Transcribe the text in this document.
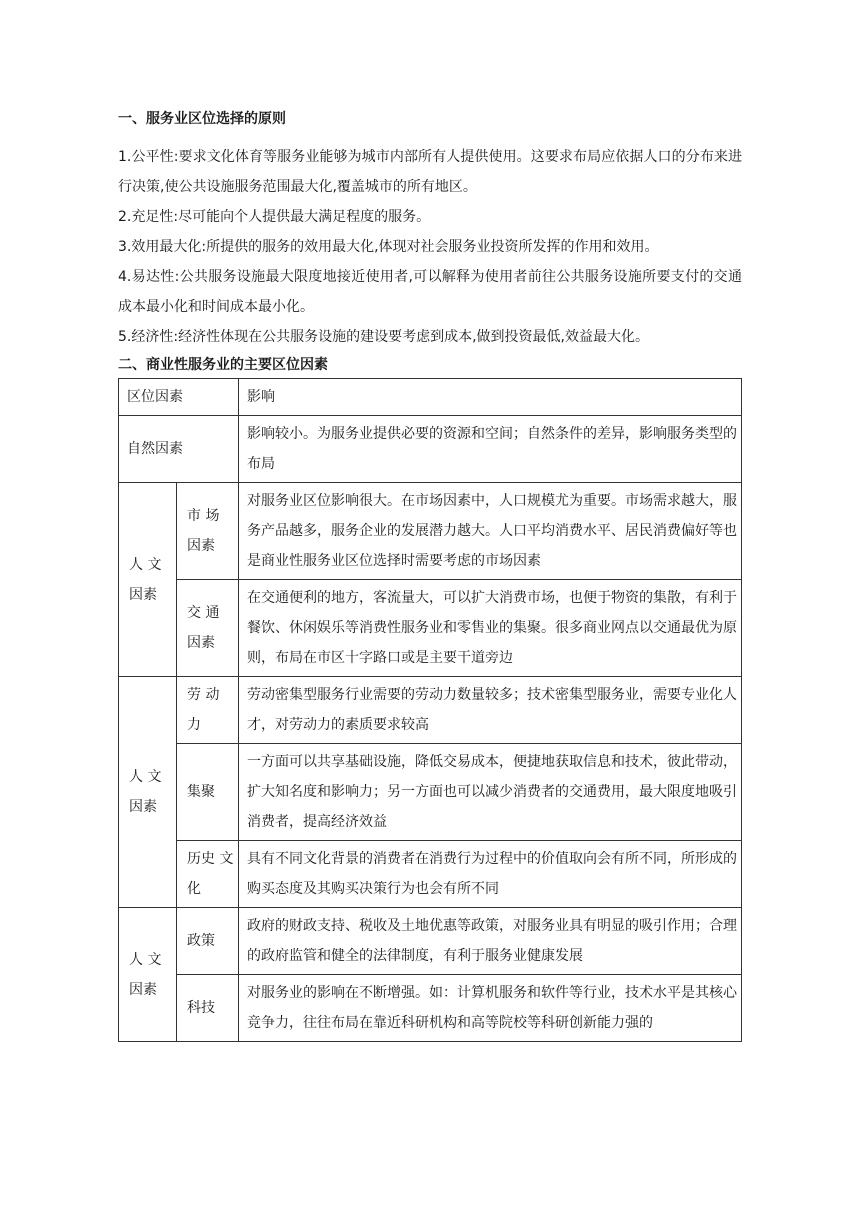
一、服务业区位选择的原则

1.公平性:要求文化体育等服务业能够为城市内部所有人提供使用。这要求布局应依据人口的分布来进行决策,使公共设施服务范围最大化,覆盖城市的所有地区。

2.充足性:尽可能向个人提供最大满足程度的服务。

3.效用最大化:所提供的服务的效用最大化,体现对社会服务业投资所发挥的作用和效用。

4.易达性:公共服务设施最大限度地接近使用者,可以解释为使用者前往公共服务设施所要支付的交通成本最小化和时间成本最小化。

5.经济性:经济性体现在公共服务设施的建设要考虑到成本,做到投资最低,效益最大化。

二、商业性服务业的主要区位因素
区位因素		影响
自然因素		影响较小。为服务业提供必要的资源和空间；自然条件的差异，影响服务类型的布局
人 文 因素	市 场 因素	对服务业区位影响很大。在市场因素中，人口规模尤为重要。市场需求越大，服务产品越多，服务企业的发展潜力越大。人口平均消费水平、居民消费偏好等也是商业性服务业区位选择时需要考虑的市场因素
	交 通 因素	在交通便利的地方，客流量大，可以扩大消费市场，也便于物资的集散，有利于餐饮、休闲娱乐等消费性服务业和零售业的集聚。很多商业网点以交通最优为原则，布局在市区十字路口或是主要干道旁边
人 文 因素	劳 动 力	劳动密集型服务行业需要的劳动力数量较多；技术密集型服务业，需要专业化人才，对劳动力的素质要求较高
	集聚	一方面可以共享基础设施，降低交易成本，便捷地获取信息和技术，彼此带动，扩大知名度和影响力；另一方面也可以减少消费者的交通费用，最大限度地吸引消费者，提高经济效益
	历史 文化	具有不同文化背景的消费者在消费行为过程中的价值取向会有所不同，所形成的购买态度及其购买决策行为也会有所不同
人 文 因素	政策	政府的财政支持、税收及土地优惠等政策，对服务业具有明显的吸引作用；合理的政府监管和健全的法律制度，有利于服务业健康发展
	科技	对服务业的影响在不断增强。如：计算机服务和软件等行业，技术水平是其核心竞争力，往往布局在靠近科研机构和高等院校等科研创新能力强的
